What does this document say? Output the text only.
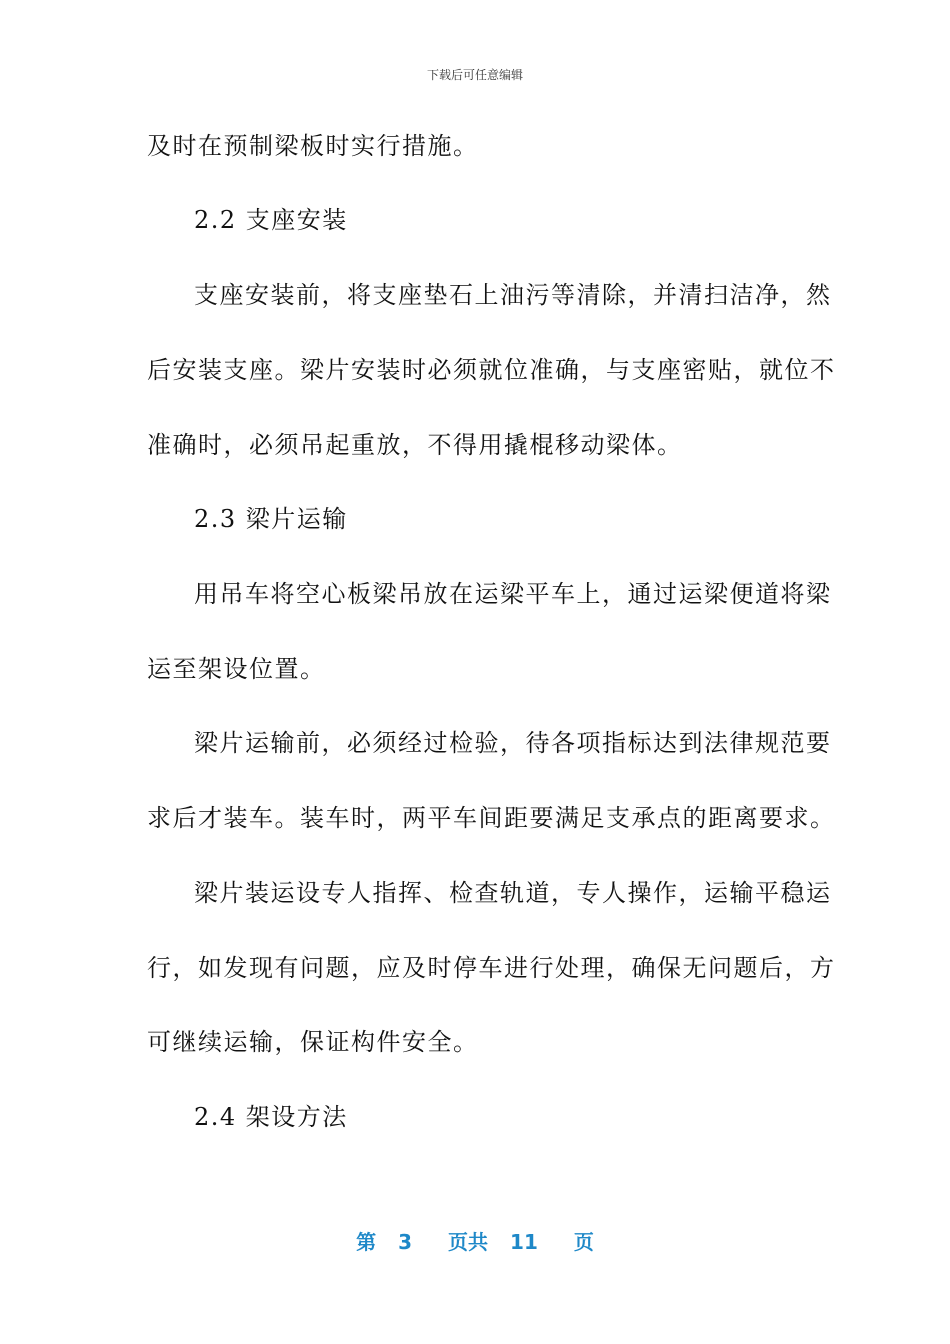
下载后可任意编辑
及时在预制梁板时实行措施。
2.2 支座安装
支座安装前，将支座垫石上油污等清除，并清扫洁净，然
后安装支座。梁片安装时必须就位准确，与支座密贴，就位不
准确时，必须吊起重放，不得用撬棍移动梁体。
2.3 梁片运输
用吊车将空心板梁吊放在运梁平车上，通过运梁便道将梁
运至架设位置。
梁片运输前，必须经过检验，待各项指标达到法律规范要
求后才装车。装车时，两平车间距要满足支承点的距离要求。
梁片装运设专人指挥、检查轨道，专人操作，运输平稳运
行，如发现有问题，应及时停车进行处理，确保无问题后，方
可继续运输，保证构件安全。
2.4 架设方法
第 3 页共 11 页
